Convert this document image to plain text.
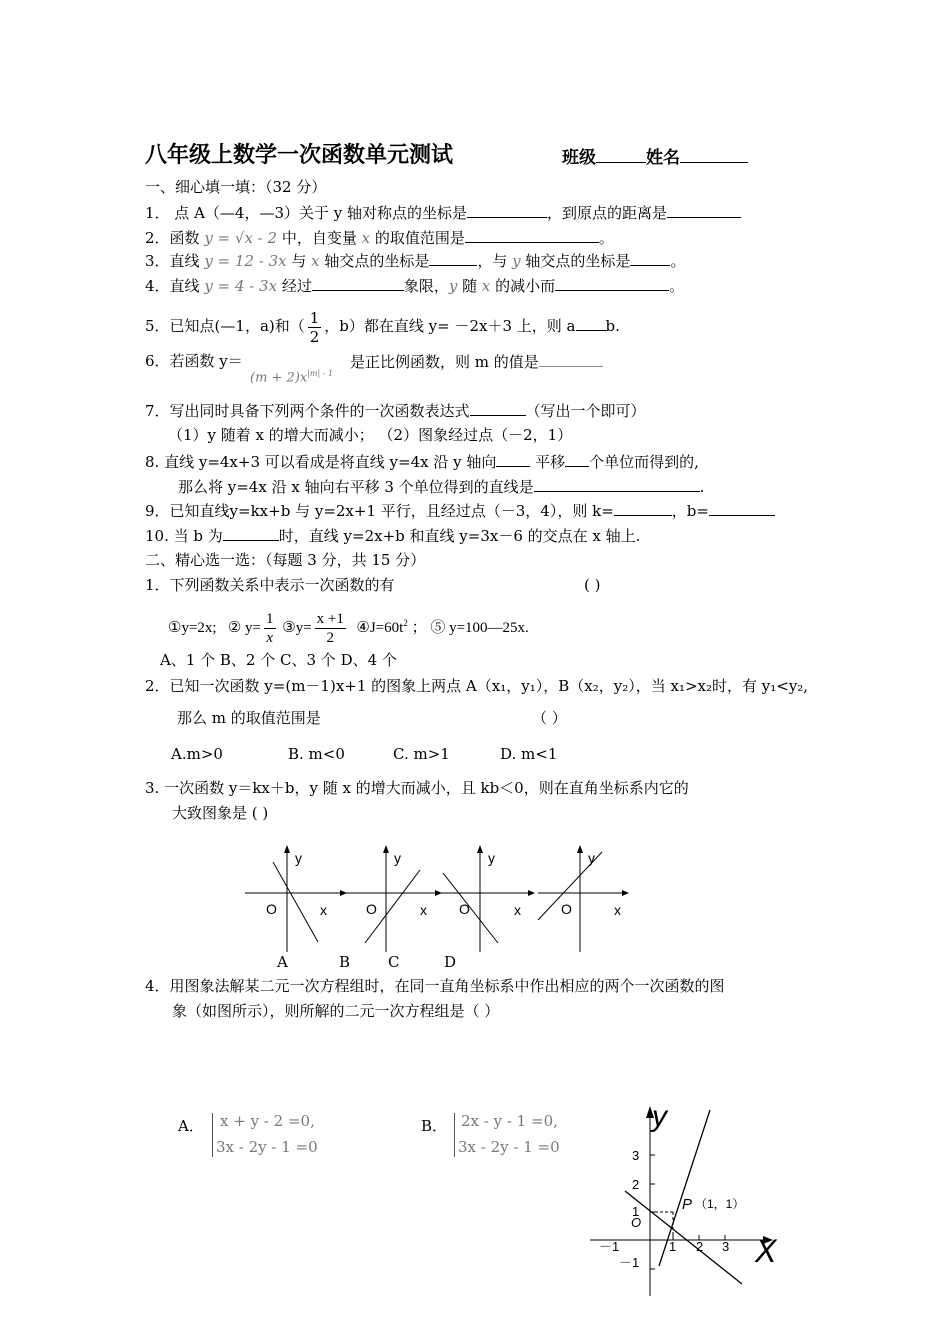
八年级上数学一次函数单元测试	班级	姓名
一、细心填一填：（32 分）
1． 点 A（—4，—3）关于 y 轴对称点的坐标是	，到原点的距离是
2．函数 y = √x - 2 中，自变量 x 的取值范围是	。
3．直线 y = 12 - 3x 与 x 轴交点的坐标是	，与 y 轴交点的坐标是	。
4．直线 y = 4 - 3x 经过	象限，y 随 x 的减小而	。
5．已知点(—1，a)和（ $\frac{1}{2}$ ，b）都在直线 y= －2x＋3 上，则 a b.
6．若函数 y＝
$(m + 2)x^{|m| - 1}$
是正比例函数，则 m 的值是
7．写出同时具备下列两个条件的一次函数表达式	（写出一个即可）
（1）y 随着 x 的增大而减小； （2）图象经过点（－2，1）
8. 直线 y=4x+3 可以看成是将直线 y=4x 沿 y 轴向 平移 个单位而得到的,
那么将 y=4x 沿 x 轴向右平移 3 个单位得到的直线是	.
9．已知直线y=kx+b 与 y=2x+1 平行，且经过点（－3，4），则 k=	，b=
10. 当 b 为	时，直线 y=2x+b 和直线 y=3x－6 的交点在 x 轴上.
二、精心选一选：（每题 3 分，共 15 分）
1．下列函数关系中表示一次函数的有	( )
①y=2x; ② $y= \frac{1}{x}$ ③y= $\frac{x +1}{2}$ $④J=60t^2$ ； ⑤ y=100—25x.
A、1 个 B、2 个 C、3 个 D、4 个
2．已知一次函数 y=(m－1)x+1 的图象上两点 A（x₁，y₁），B（x₂，y₂），当 x₁>x₂时，有 y₁<y₂,
那么 m 的取值范围是	（ ）
A.m>0	B. m<0	C. m>1	D. m<1
3. 一次函数 y＝kx＋b，y 随 x 的增大而减小，且 kb＜0，则在直角坐标系内它的
大致图象是 ( )
y
O	x
y
O	x
y
O	x
y
O	x
A	B	C	D
4．用图象法解某二元一次方程组时，在同一直角坐标系中作出相应的两个一次函数的图
象（如图所示），则所解的二元一次方程组是（ ）
A． x + y - 2 =0,
3x - 2y - 1 =0
B． 2x - y - 1 =0,
3x - 2y - 1 =0
y
X
3
2
1
－1
－1	1 2 3
O
P （1，1）
